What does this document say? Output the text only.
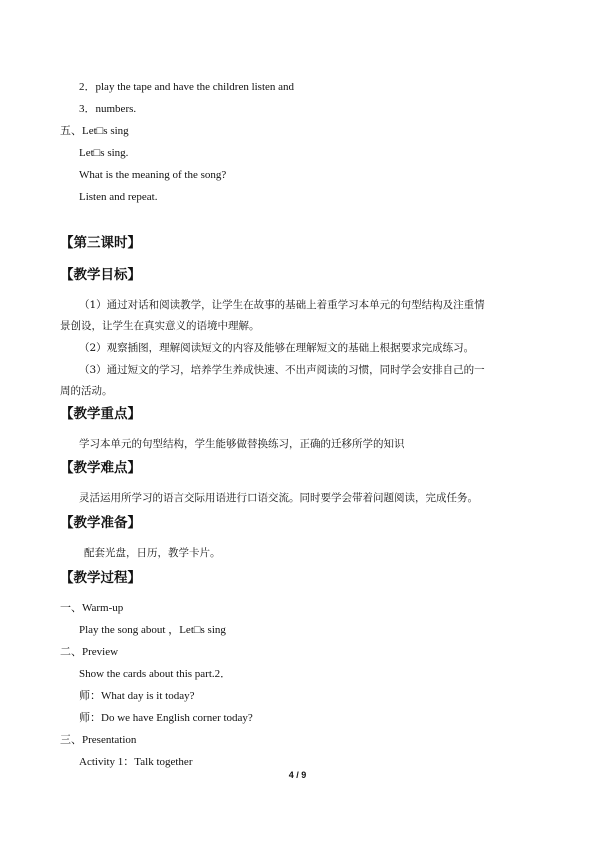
2．play the tape and have the children listen and
3．numbers.
五、Let□s sing
Let□s sing.
What is the meaning of the song?
Listen and repeat.
【第三课时】
【教学目标】
（1）通过对话和阅读教学，让学生在故事的基础上着重学习本单元的句型结构及注重情
景创设，让学生在真实意义的语境中理解。
（2）观察插图，理解阅读短文的内容及能够在理解短文的基础上根据要求完成练习。
（3）通过短文的学习，培养学生养成快速、不出声阅读的习惯，同时学会安排自己的一
周的活动。
【教学重点】
学习本单元的句型结构，学生能够做替换练习，正确的迁移所学的知识
【教学难点】
灵活运用所学习的语言交际用语进行口语交流。同时要学会带着问题阅读，完成任务。
【教学准备】
配套光盘，日历，教学卡片。
【教学过程】
一、Warm-up
Play the song about ，Let□s sing
二、Preview
Show the cards about this part.2．
师：What day is it today?
师：Do we have English corner today?
三、Presentation
Activity 1：Talk together
4 / 9
